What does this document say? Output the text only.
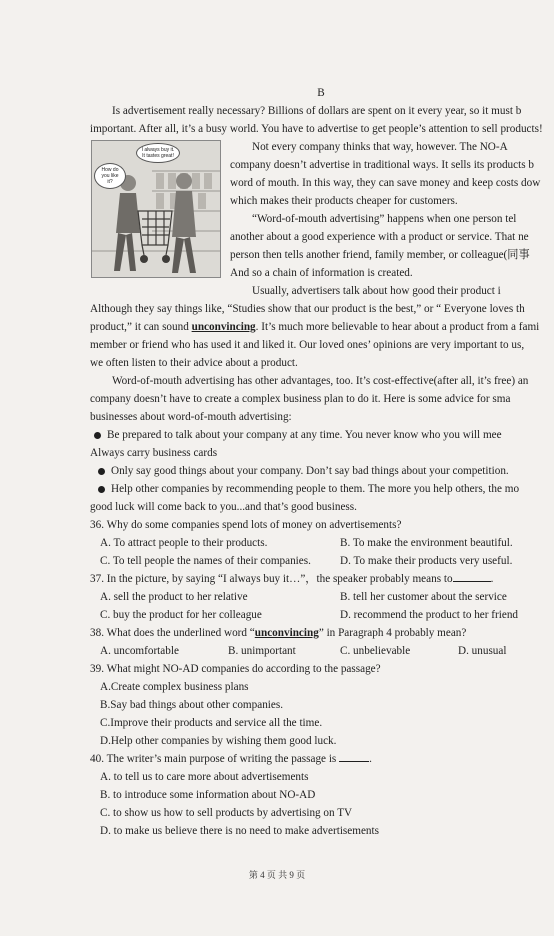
B
Is advertisement really necessary? Billions of dollars are spent on it every year, so it must b
important. After all, it’s a busy world. You have to advertise to get people’s attention to sell products!
I always buy it. It tastes great!
How do you like it?
Not every company thinks that way, however. The NO-A
company doesn’t advertise in traditional ways. It sells its products b
word of mouth. In this way, they can save money and keep costs dow
which makes their products cheaper for customers.
“Word-of-mouth advertising” happens when one person tel
another about a good experience with a product or service. That ne
person then tells another friend, family member, or colleague(同事
And so a chain of information is created.
Usually, advertisers talk about how good their product i
Although they say things like, “Studies show that our product is the best,” or “ Everyone loves th
product,” it can sound unconvincing. It’s much more believable to hear about a product from a fami
member or friend who has used it and liked it. Our loved ones’ opinions are very important to us,
we often listen to their advice about a product.
Word-of-mouth advertising has other advantages, too. It’s cost-effective(after all, it’s free) an
company doesn’t have to create a complex business plan to do it. Here is some advice for sma
businesses about word-of-mouth advertising:
Be prepared to talk about your company at any time. You never know who you will mee
Always carry business cards
Only say good things about your company. Don’t say bad things about your competition.
Help other companies by recommending people to them. The more you help others, the mo
good luck will come back to you...and that’s good business.
36. Why do some companies spend lots of money on advertisements?
A. To attract people to their products.	B. To make the environment beautiful.
C. To tell people the names of their companies.	D. To make their products very useful.
37. In the picture, by saying “I always buy it…”，the speaker probably means to	.
A. sell the product to her relative	B. tell her customer about the service
C. buy the product for her colleague	D. recommend the product to her friend
38. What does the underlined word “unconvincing” in Paragraph 4 probably mean?
A. uncomfortable	B. unimportant	C. unbelievable	D. unusual
39. What might NO-AD companies do according to the passage?
A.Create complex business plans
B.Say bad things about other companies.
C.Improve their products and service all the time.
D.Help other companies by wishing them good luck.
40. The writer’s main purpose of writing the passage is	.
A. to tell us to care more about advertisements
B. to introduce some information about NO-AD
C. to show us how to sell products by advertising on TV
D. to make us believe there is no need to make advertisements
第 4 页 共 9 页
